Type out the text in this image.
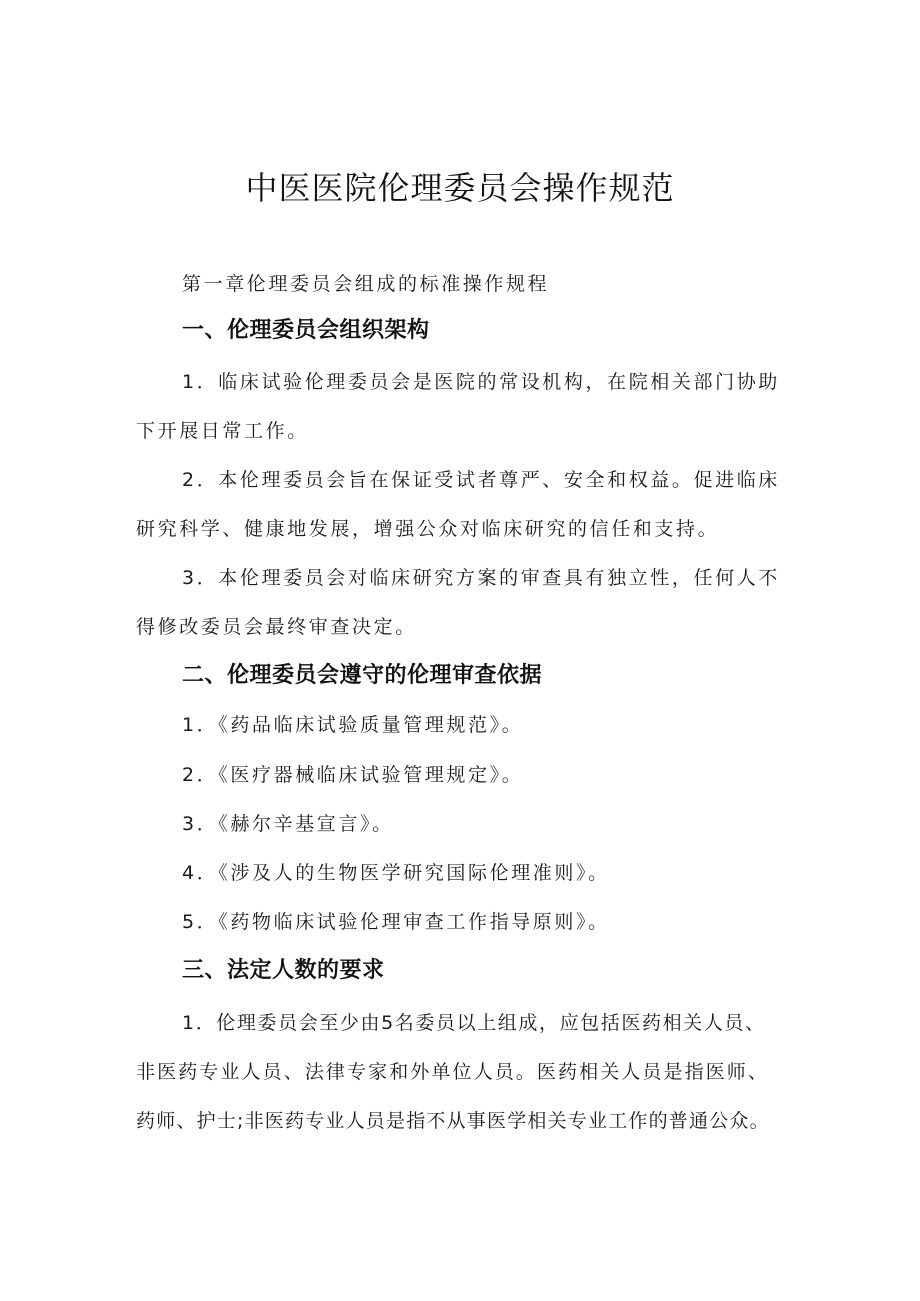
中医医院伦理委员会操作规范
第一章伦理委员会组成的标准操作规程
一、伦理委员会组织架构
1．临床试验伦理委员会是医院的常设机构，在院相关部门协助
下开展日常工作。
2．本伦理委员会旨在保证受试者尊严、安全和权益。促进临床
研究科学、健康地发展，增强公众对临床研究的信任和支持。
3．本伦理委员会对临床研究方案的审查具有独立性，任何人不
得修改委员会最终审查决定。
二、伦理委员会遵守的伦理审查依据
1．《药品临床试验质量管理规范》。
2．《医疗器械临床试验管理规定》。
3．《赫尔辛基宣言》。
4．《涉及人的生物医学研究国际伦理准则》。
5．《药物临床试验伦理审查工作指导原则》。
三、法定人数的要求
1．伦理委员会至少由5名委员以上组成，应包括医药相关人员、
非医药专业人员、法律专家和外单位人员。医药相关人员是指医师、
药师、护士;非医药专业人员是指不从事医学相关专业工作的普通公众。
